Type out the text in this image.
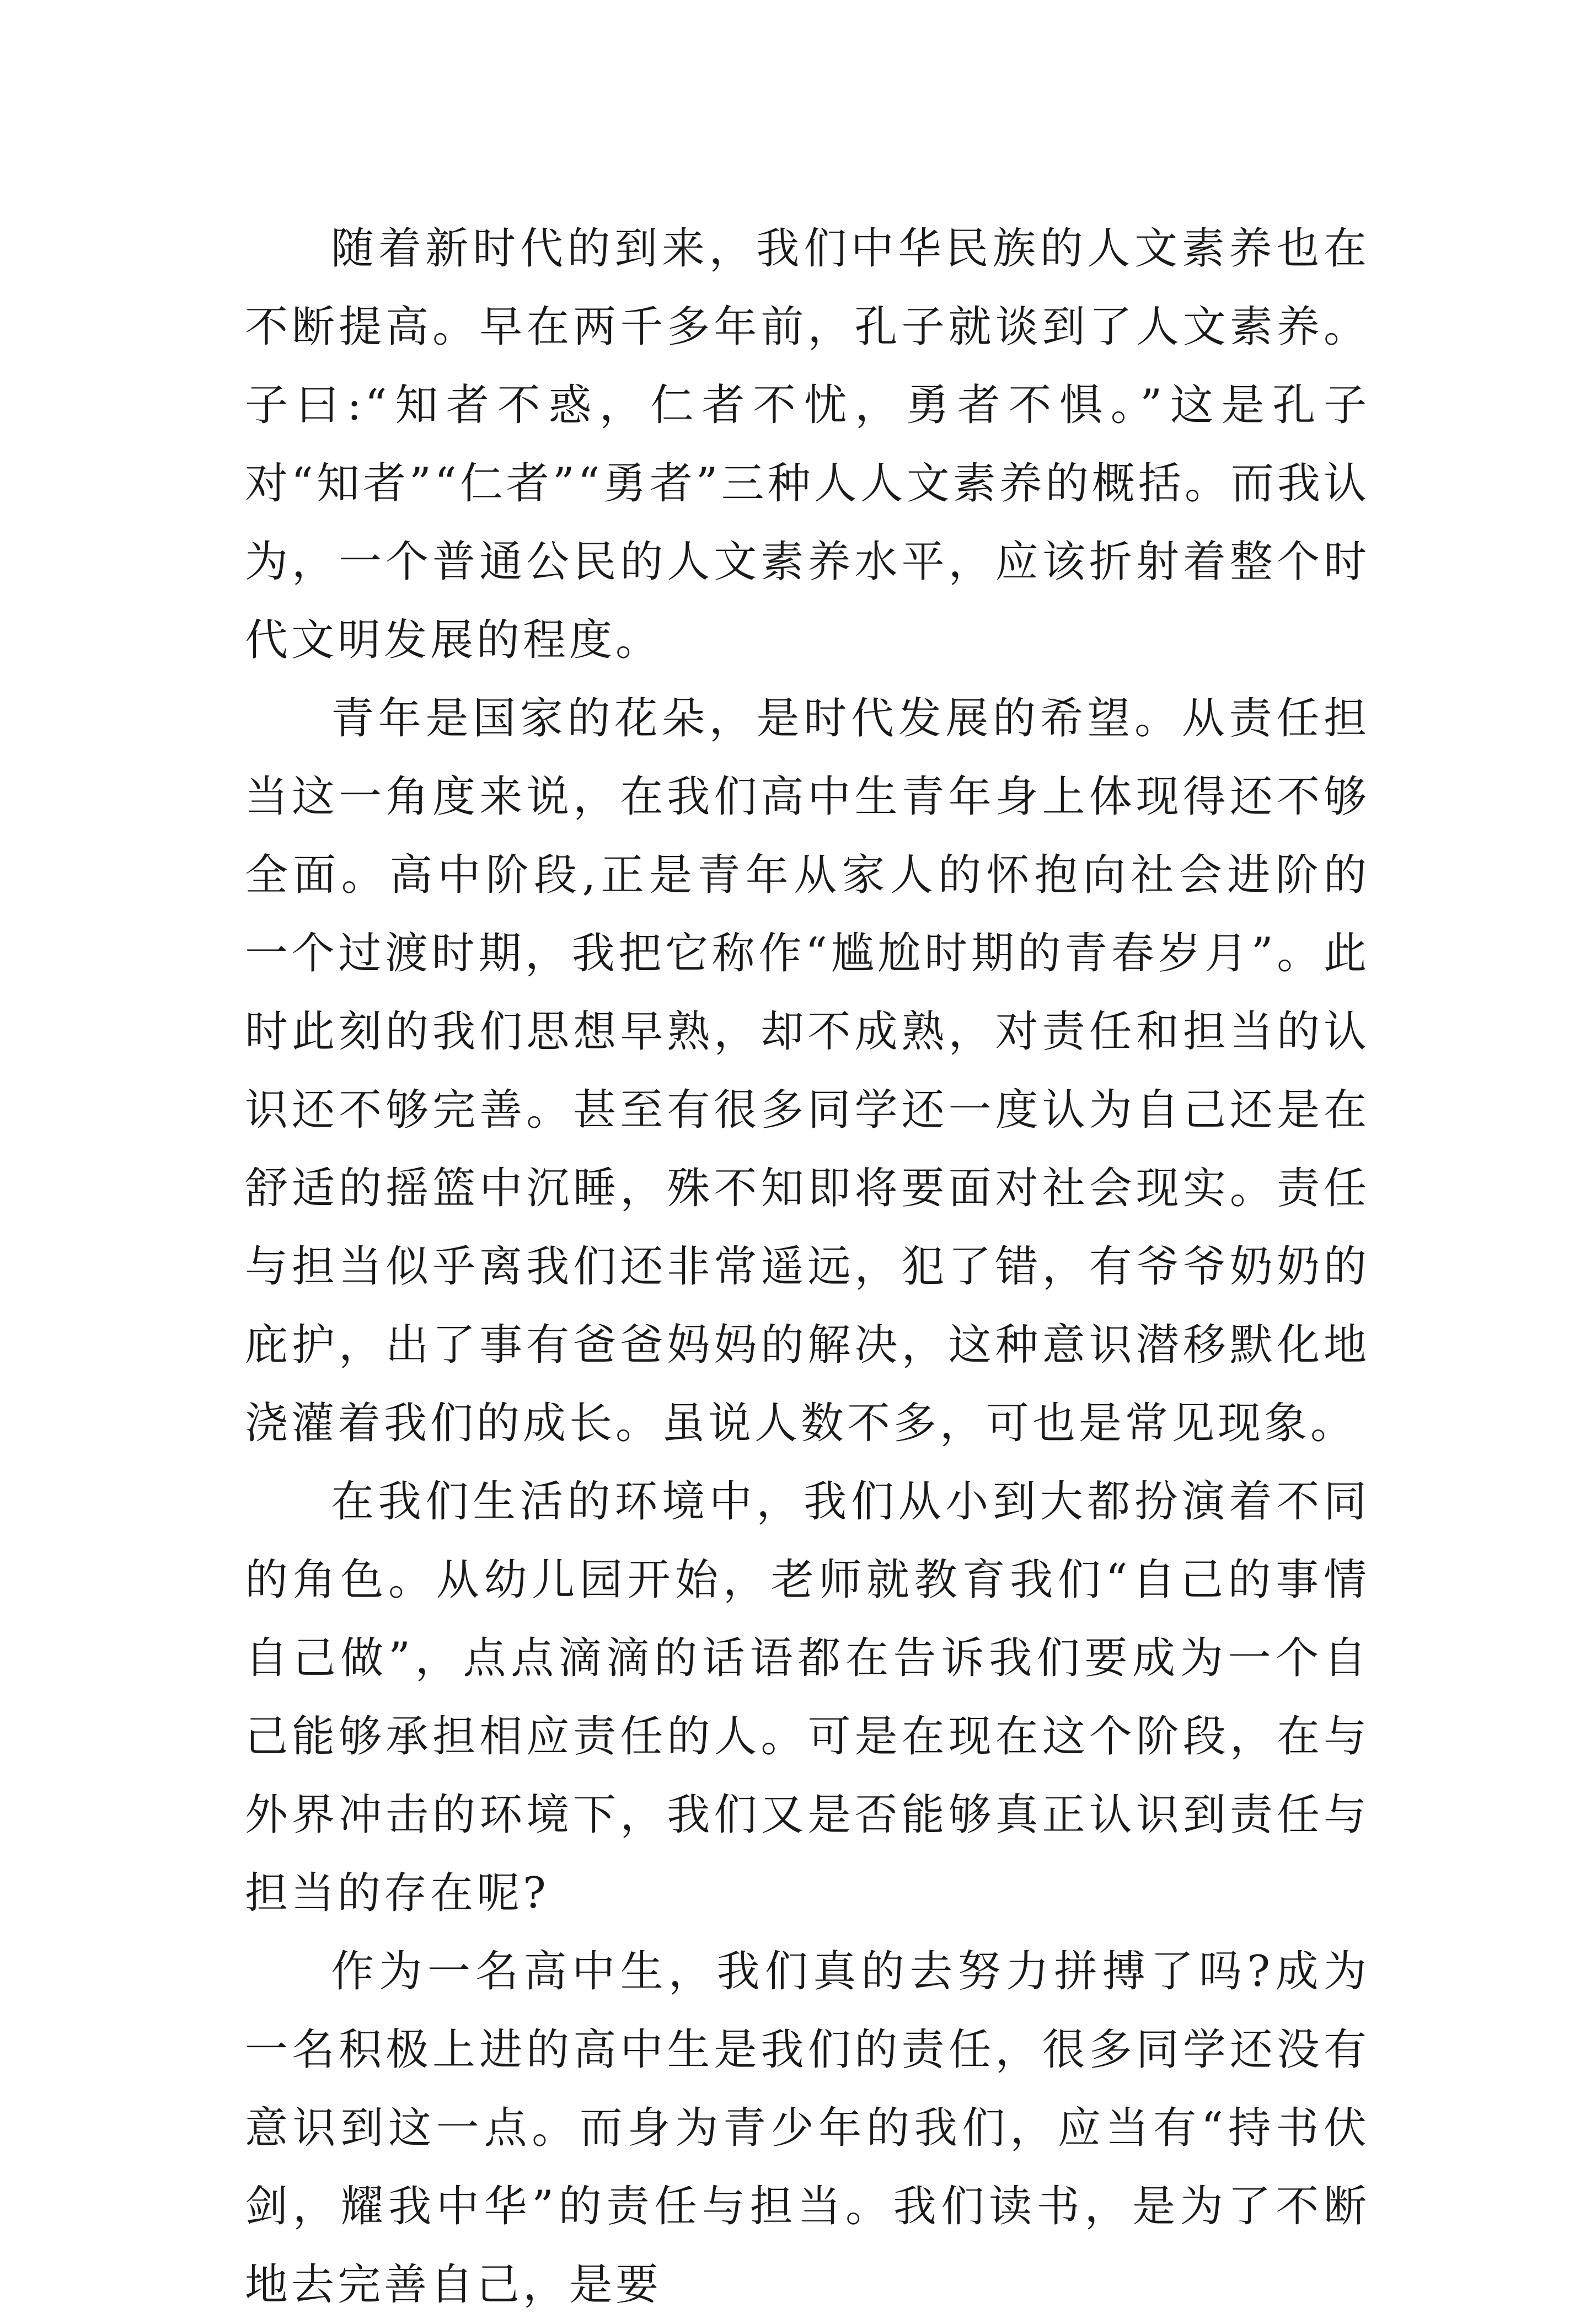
随着新时代的到来，我们中华民族的人文素养也在不断提高。早在两千多年前，孔子就谈到了人文素养。子曰:“知者不惑，仁者不忧，勇者不惧。”这是孔子对“知者”“仁者”“勇者”三种人人文素养的概括。而我认为，一个普通公民的人文素养水平，应该折射着整个时代文明发展的程度。

青年是国家的花朵，是时代发展的希望。从责任担当这一角度来说，在我们高中生青年身上体现得还不够全面。高中阶段,正是青年从家人的怀抱向社会进阶的一个过渡时期，我把它称作“尴尬时期的青春岁月”。此时此刻的我们思想早熟，却不成熟，对责任和担当的认识还不够完善。甚至有很多同学还一度认为自己还是在舒适的摇篮中沉睡，殊不知即将要面对社会现实。责任与担当似乎离我们还非常遥远，犯了错，有爷爷奶奶的庇护，出了事有爸爸妈妈的解决，这种意识潜移默化地浇灌着我们的成长。虽说人数不多，可也是常见现象。

在我们生活的环境中，我们从小到大都扮演着不同的角色。从幼儿园开始，老师就教育我们“自己的事情自己做”，点点滴滴的话语都在告诉我们要成为一个自己能够承担相应责任的人。可是在现在这个阶段，在与外界冲击的环境下，我们又是否能够真正认识到责任与担当的存在呢?

作为一名高中生，我们真的去努力拼搏了吗?成为一名积极上进的高中生是我们的责任，很多同学还没有意识到这一点。而身为青少年的我们，应当有“持书伏剑，耀我中华”的责任与担当。我们读书，是为了不断地去完善自己，是要
